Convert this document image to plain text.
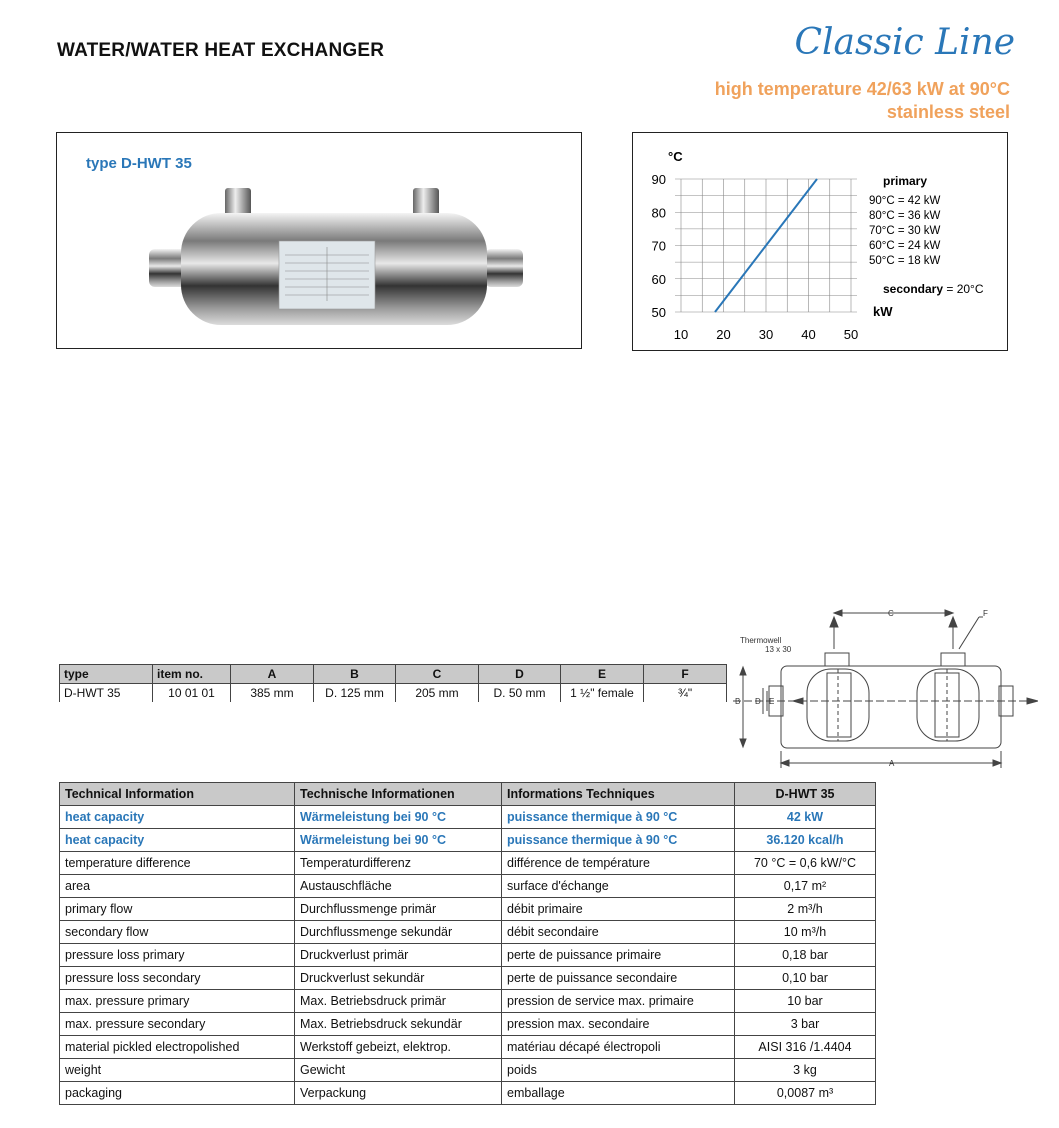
WATER/WATER HEAT EXCHANGER	Classic Line
high temperature 42/63 kW at 90°C
stainless steel
type D-HWT 35	°C
kW
50
60
70
80
90
10 20 30 40 50
primary
90°C = 42 kW
80°C = 36 kW
70°C = 30 kW
60°C = 24 kW
50°C = 18 kW
secondary = 20°C
type	item no.	A	B	C	D	E	F
D-HWT 35	10 01 01	385 mm	D. 125 mm	205 mm	D. 50 mm	1 ½" female	¾"
Thermowell
13 x 30
C	F
B D E
A
Technical Information	Technische Informationen	Informations Techniques	D-HWT 35
heat capacity	Wärmeleistung bei 90 °C	puissance thermique à 90 °C	42 kW
heat capacity	Wärmeleistung bei 90 °C	puissance thermique à 90 °C	36.120 kcal/h
temperature difference	Temperaturdifferenz	différence de température	70 °C = 0,6 kW/°C
area	Austauschfläche	surface d'échange	0,17 m²
primary flow	Durchflussmenge primär	débit primaire	2 m³/h
secondary flow	Durchflussmenge sekundär	débit secondaire	10 m³/h
pressure loss primary	Druckverlust primär	perte de puissance primaire	0,18 bar
pressure loss secondary	Druckverlust sekundär	perte de puissance secondaire	0,10 bar
max. pressure primary	Max. Betriebsdruck primär	pression de service max. primaire	10 bar
max. pressure secondary	Max. Betriebsdruck sekundär	pression max. secondaire	3 bar
material pickled electropolished	Werkstoff gebeizt, elektrop.	matériau décapé électropoli	AISI 316 /1.4404
weight	Gewicht	poids	3 kg
packaging	Verpackung	emballage	0,0087 m³
